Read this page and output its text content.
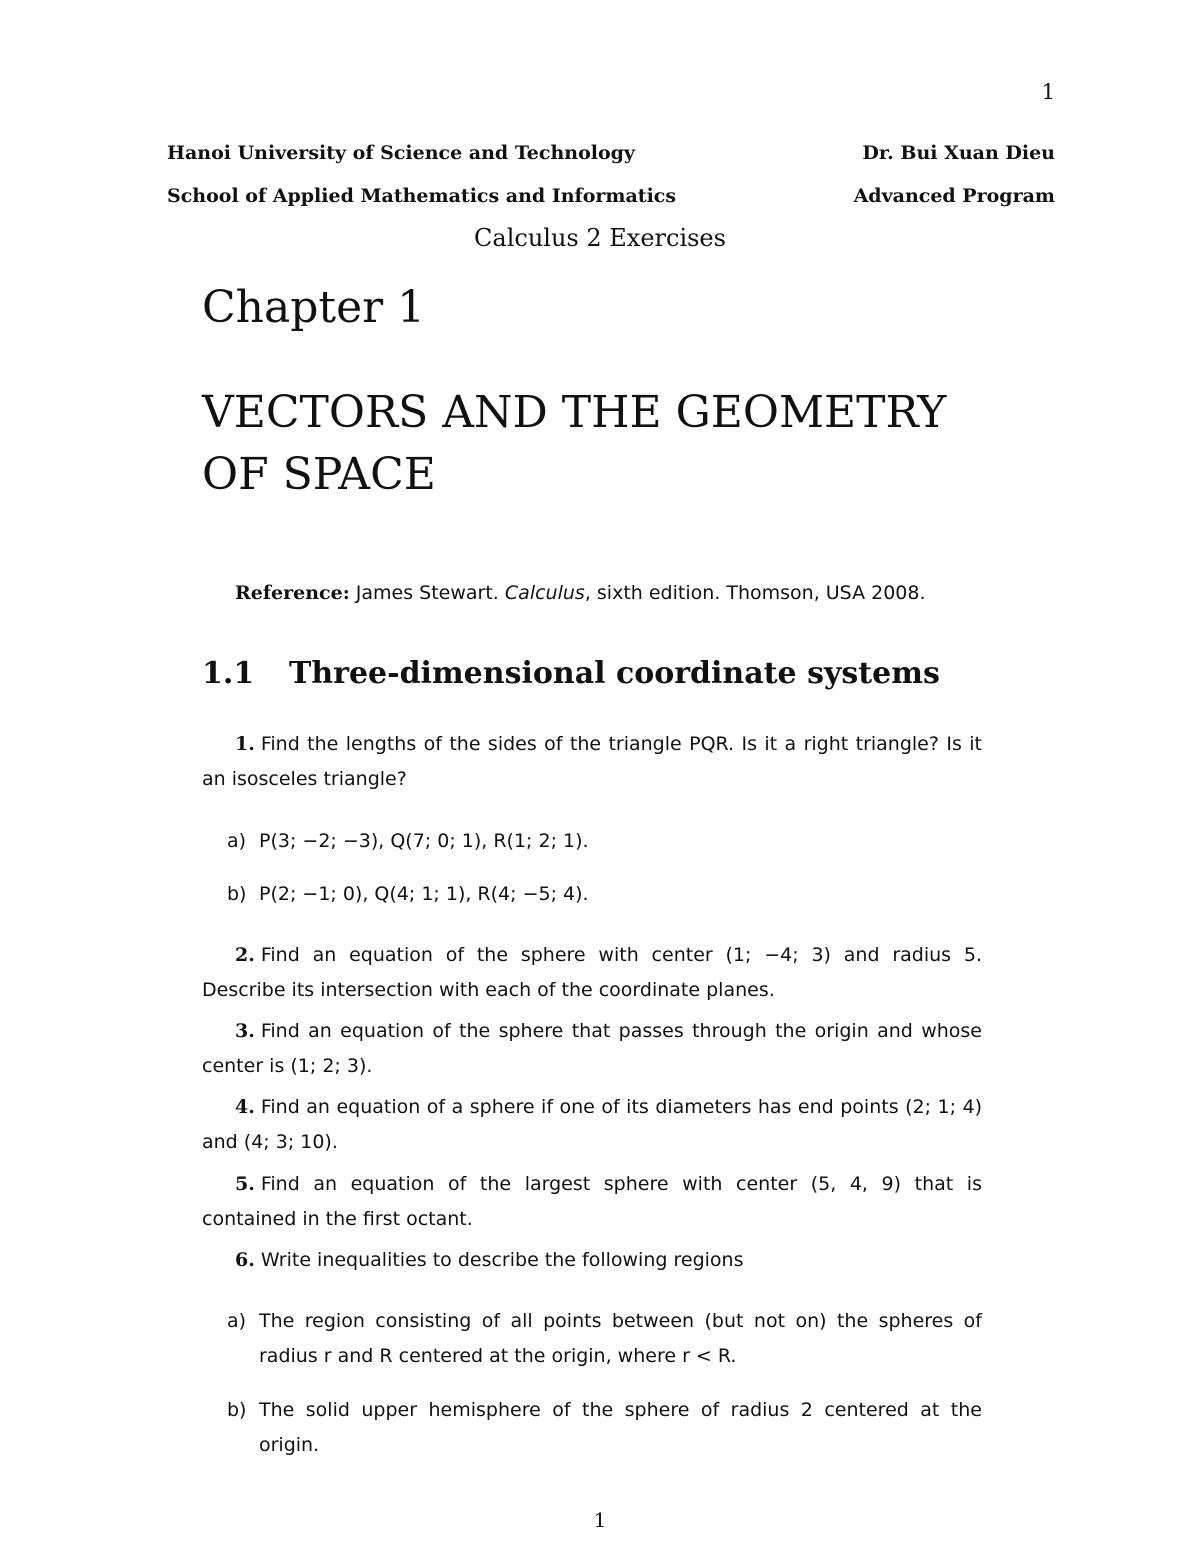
1
Hanoi University of Science and Technology	Dr. Bui Xuan Dieu
School of Applied Mathematics and Informatics	Advanced Program
Calculus 2 Exercises
Chapter 1
VECTORS AND THE GEOMETRY OF SPACE
Reference: James Stewart. Calculus, sixth edition. Thomson, USA 2008.
1.1 Three-dimensional coordinate systems
1. Find the lengths of the sides of the triangle PQR. Is it a right triangle? Is it an isosceles triangle?
a) P(3; −2; −3), Q(7; 0; 1), R(1; 2; 1).
b) P(2; −1; 0), Q(4; 1; 1), R(4; −5; 4).
2. Find an equation of the sphere with center (1; −4; 3) and radius 5. Describe its intersection with each of the coordinate planes.
3. Find an equation of the sphere that passes through the origin and whose center is (1; 2; 3).
4. Find an equation of a sphere if one of its diameters has end points (2; 1; 4) and (4; 3; 10).
5. Find an equation of the largest sphere with center (5, 4, 9) that is contained in the first octant.
6. Write inequalities to describe the following regions
a) The region consisting of all points between (but not on) the spheres of radius r and R centered at the origin, where r < R.
b) The solid upper hemisphere of the sphere of radius 2 centered at the origin.
1
